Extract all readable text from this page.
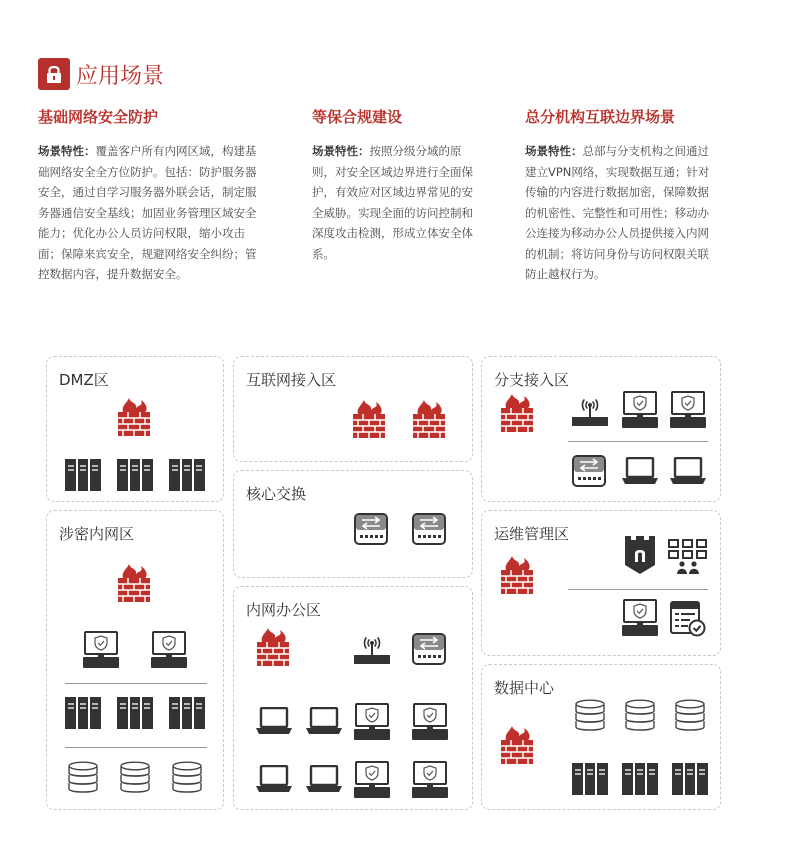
应用场景
基础网络安全防护

场景特性：覆盖客户所有内网区域，构建基础网络安全全方位防护。包括：防护服务器安全，通过自学习服务器外联会话，制定服务器通信安全基线；加固业务管理区域安全能力；优化办公人员访问权限，缩小攻击面；保障来宾安全，规避网络安全纠纷；管控数据内容，提升数据安全。

等保合规建设

场景特性：按照分级分域的原则，对安全区域边界进行全面保护，有效应对区域边界常见的安全威胁。实现全面的访问控制和深度攻击检测，形成立体安全体系。

总分机构互联边界场景

场景特性：总部与分支机构之间通过建立VPN网络，实现数据互通；针对传输的内容进行数据加密，保障数据的机密性、完整性和可用性；移动办公连接为移动办公人员提供接入内网的机制；将访问身份与访问权限关联防止越权行为。

DMZ区
涉密内网区
互联网接入区
核心交换
内网办公区
分支接入区
运维管理区
数据中心
